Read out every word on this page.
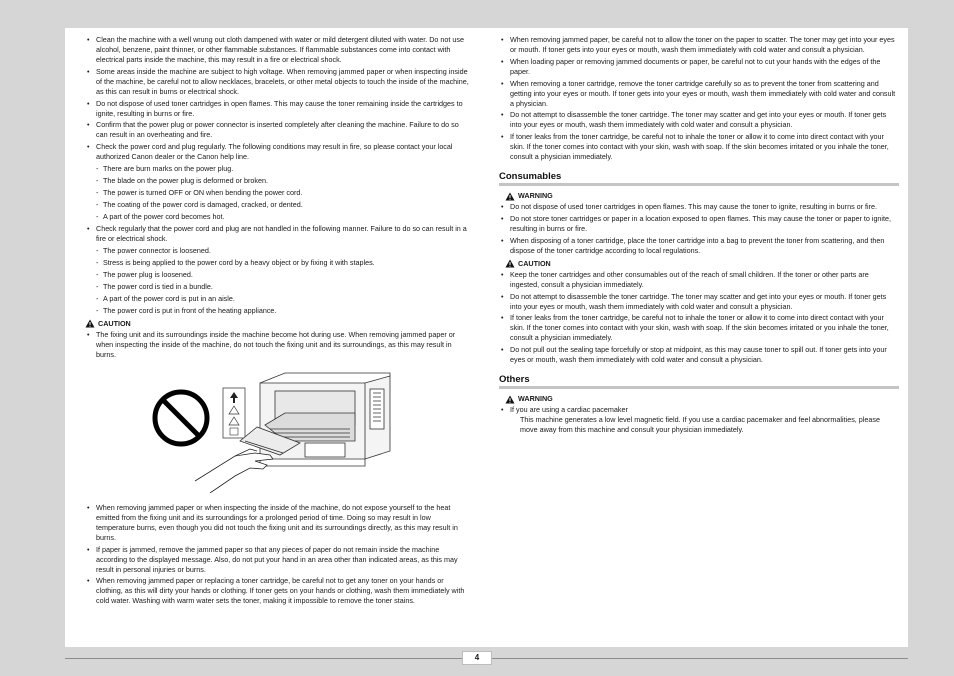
• Clean the machine with a well wrung out cloth dampened with water or mild detergent diluted with water. Do not use alcohol, benzene, paint thinner, or other flammable substances. If flammable substances come into contact with electrical parts inside the machine, this may result in a fire or electrical shock.
• Some areas inside the machine are subject to high voltage. When removing jammed paper or when inspecting inside of the machine, be careful not to allow necklaces, bracelets, or other metal objects to touch the inside of the machine, as this can result in burns or electrical shock.
• Do not dispose of used toner cartridges in open flames. This may cause the toner remaining inside the cartridges to ignite, resulting in burns or fire.
• Confirm that the power plug or power connector is inserted completely after cleaning the machine. Failure to do so can result in an overheating and fire.
• Check the power cord and plug regularly. The following conditions may result in fire, so please contact your local authorized Canon dealer or the Canon help line.
- There are burn marks on the power plug.
- The blade on the power plug is deformed or broken.
- The power is turned OFF or ON when bending the power cord.
- The coating of the power cord is damaged, cracked, or dented.
- A part of the power cord becomes hot.
• Check regularly that the power cord and plug are not handled in the following manner. Failure to do so can result in a fire or electrical shock.
- The power connector is loosened.
- Stress is being applied to the power cord by a heavy object or by fixing it with staples.
- The power plug is loosened.
- The power cord is tied in a bundle.
- A part of the power cord is put in an aisle.
- The power cord is put in front of the heating appliance.
CAUTION
• The fixing unit and its surroundings inside the machine become hot during use. When removing jammed paper or when inspecting the inside of the machine, do not touch the fixing unit and its surroundings, as this may result in burns.
• When removing jammed paper or when inspecting the inside of the machine, do not expose yourself to the heat emitted from the fixing unit and its surroundings for a prolonged period of time. Doing so may result in low temperature burns, even though you did not touch the fixing unit and its surroundings directly, as this may result in burns.
• If paper is jammed, remove the jammed paper so that any pieces of paper do not remain inside the machine according to the displayed message. Also, do not put your hand in an area other than indicated areas, as this may result in personal injuries or burns.
• When removing jammed paper or replacing a toner cartridge, be careful not to get any toner on your hands or clothing, as this will dirty your hands or clothing. If toner gets on your hands or clothing, wash them immediately with cold water. Washing with warm water sets the toner, making it impossible to remove the toner stains.
• When removing jammed paper, be careful not to allow the toner on the paper to scatter. The toner may get into your eyes or mouth. If toner gets into your eyes or mouth, wash them immediately with cold water and consult a physician.
• When loading paper or removing jammed documents or paper, be careful not to cut your hands with the edges of the paper.
• When removing a toner cartridge, remove the toner cartridge carefully so as to prevent the toner from scattering and getting into your eyes or mouth. If toner gets into your eyes or mouth, wash them immediately with cold water and consult a physician.
• Do not attempt to disassemble the toner cartridge. The toner may scatter and get into your eyes or mouth. If toner gets into your eyes or mouth, wash them immediately with cold water and consult a physician.
• If toner leaks from the toner cartridge, be careful not to inhale the toner or allow it to come into direct contact with your skin. If the toner comes into contact with your skin, wash with soap. If the skin becomes irritated or you inhale the toner, consult a physician immediately.
Consumables
WARNING
• Do not dispose of used toner cartridges in open flames. This may cause the toner to ignite, resulting in burns or fire.
• Do not store toner cartridges or paper in a location exposed to open flames. This may cause the toner or paper to ignite, resulting in burns or fire.
• When disposing of a toner cartridge, place the toner cartridge into a bag to prevent the toner from scattering, and then dispose of the toner cartridge according to local regulations.
CAUTION
• Keep the toner cartridges and other consumables out of the reach of small children. If the toner or other parts are ingested, consult a physician immediately.
• Do not attempt to disassemble the toner cartridge. The toner may scatter and get into your eyes or mouth. If toner gets into your eyes or mouth, wash them immediately with cold water and consult a physician.
• If toner leaks from the toner cartridge, be careful not to inhale the toner or allow it to come into direct contact with your skin. If the toner comes into contact with your skin, wash with soap. If the skin becomes irritated or you inhale the toner, consult a physician immediately.
• Do not pull out the sealing tape forcefully or stop at midpoint, as this may cause toner to spill out. If toner gets into your eyes or mouth, wash them immediately with cold water and consult a physician.
Others
WARNING
• If you are using a cardiac pacemaker
This machine generates a low level magnetic field. If you use a cardiac pacemaker and feel abnormalities, please move away from this machine and consult your physician immediately.
4
